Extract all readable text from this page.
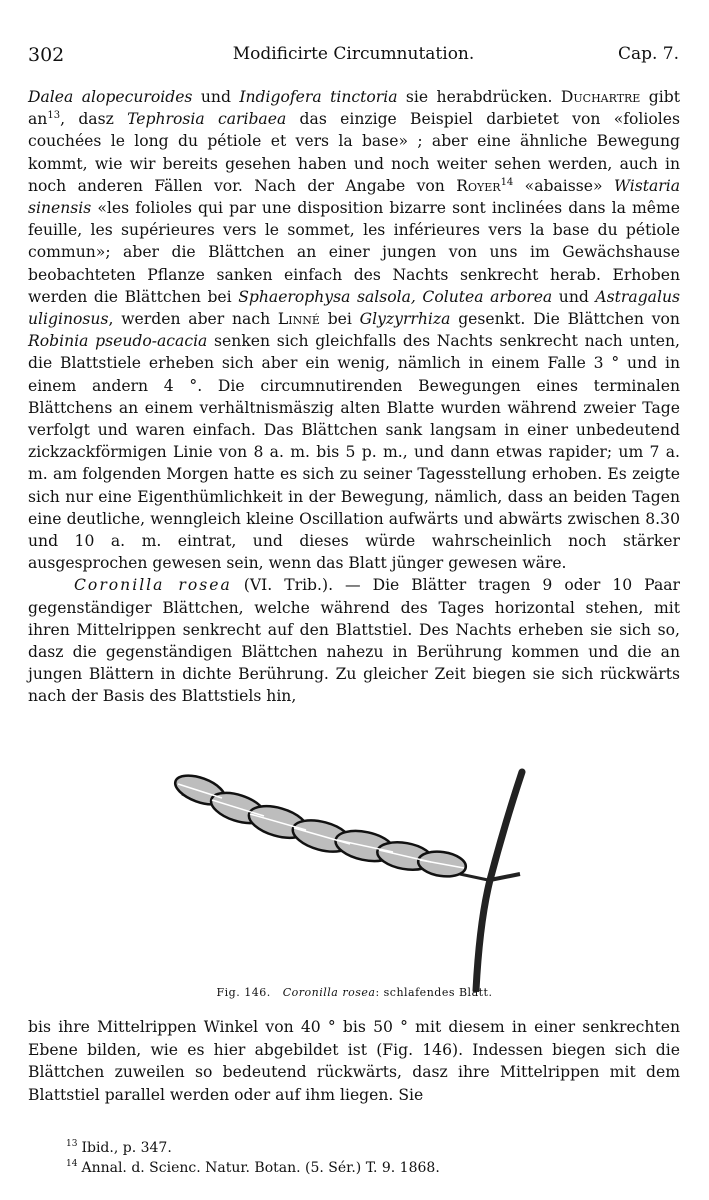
302	Modificirte Circumnutation.	Cap. 7.

Dalea alopecuroides und Indigofera tinctoria sie herabdrücken. Duchartre gibt $an^{13}$, dasz Tephrosia caribaea das einzige Beispiel darbietet von «folioles couchées le long du pétiole et vers la base» ; aber eine ähnliche Bewegung kommt, wie wir bereits gesehen haben und noch weiter sehen werden, auch in noch anderen Fällen vor. Nach der Angabe von Royer$^{14}$ «abaisse» Wistaria sinensis «les folioles qui par une disposition bizarre sont inclinées dans la même feuille, les supérieures vers le sommet, les inférieures vers la base du pétiole commun»; aber die Blättchen an einer jungen von uns im Gewächshause beobachteten Pflanze sanken einfach des Nachts senkrecht herab. Erhoben werden die Blättchen bei Sphaerophysa salsola, Colutea arborea und Astragalus uliginosus, werden aber nach Linné bei Glyzyrrhiza gesenkt. Die Blättchen von Robinia pseudo-acacia senken sich gleichfalls des Nachts senkrecht nach unten, die Blattstiele erheben sich aber ein wenig, nämlich in einem Falle 3 ° und in einem andern 4 °. Die circumnutirenden Bewegungen eines terminalen Blättchens an einem verhältnismäszig alten Blatte wurden während zweier Tage verfolgt und waren einfach. Das Blättchen sank langsam in einer unbedeutend zickzackförmigen Linie von 8 a. m. bis 5 p. m., und dann etwas rapider; um 7 a. m. am folgenden Morgen hatte es sich zu seiner Tagesstellung erhoben. Es zeigte sich nur eine Eigenthümlichkeit in der Bewegung, nämlich, dass an beiden Tagen eine deutliche, wenngleich kleine Oscillation aufwärts und abwärts zwischen 8.30 und 10 a. m. eintrat, und dieses würde wahrscheinlich noch stärker ausgesprochen gewesen sein, wenn das Blatt jünger gewesen wäre.

Coronilla rosea (VI. Trib.). — Die Blätter tragen 9 oder 10 Paar gegenständiger Blättchen, welche während des Tages horizontal stehen, mit ihren Mittelrippen senkrecht auf den Blattstiel. Des Nachts erheben sie sich so, dasz die gegenständigen Blättchen nahezu in Berührung kommen und die an jungen Blättern in dichte Berührung. Zu gleicher Zeit biegen sie sich rückwärts nach der Basis des Blattstiels hin,

Fig. 146. Coronilla rosea: schlafendes Blatt.
bis ihre Mittelrippen Winkel von 40 ° bis 50 ° mit diesem in einer senkrechten Ebene bilden, wie es hier abgebildet ist (Fig. 146). Indessen biegen sich die Blättchen zuweilen so bedeutend rückwärts, dasz ihre Mittelrippen mit dem Blattstiel parallel werden oder auf ihm liegen. Sie
$^{13}$ Ibid., p. 347.
$^{14}$ Annal. d. Scienc. Natur. Botan. (5. Sér.) T. 9. 1868.
